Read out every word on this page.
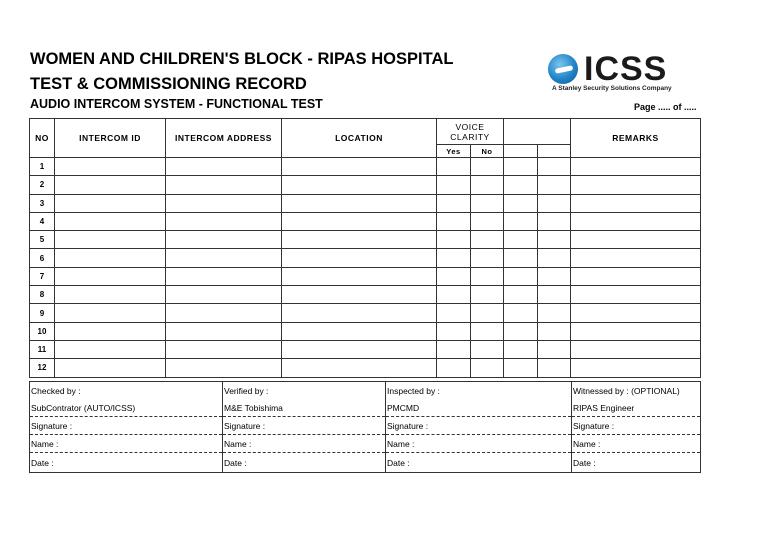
WOMEN AND CHILDREN'S BLOCK - RIPAS HOSPITAL
TEST & COMMISSIONING RECORD
AUDIO INTERCOM SYSTEM - FUNCTIONAL TEST	Page ..... of .....
ICSS
A Stanley Security Solutions Company
NO	INTERCOM ID	INTERCOM ADDRESS	LOCATION	VOICE CLARITY				REMARKS
				Yes	No			
1								
2								
3								
4								
5								
6								
7								
8								
9								
10								
11								
12								
Checked by :	Verified by :	Inspected by :	Witnessed by : (OPTIONAL)
SubContrator (AUTO/ICSS)	M&E Tobishima	PMCMD	RIPAS Engineer
Signature :	Signature :	Signature :	Signature :
Name :	Name :	Name :	Name :
Date :	Date :	Date :	Date :
